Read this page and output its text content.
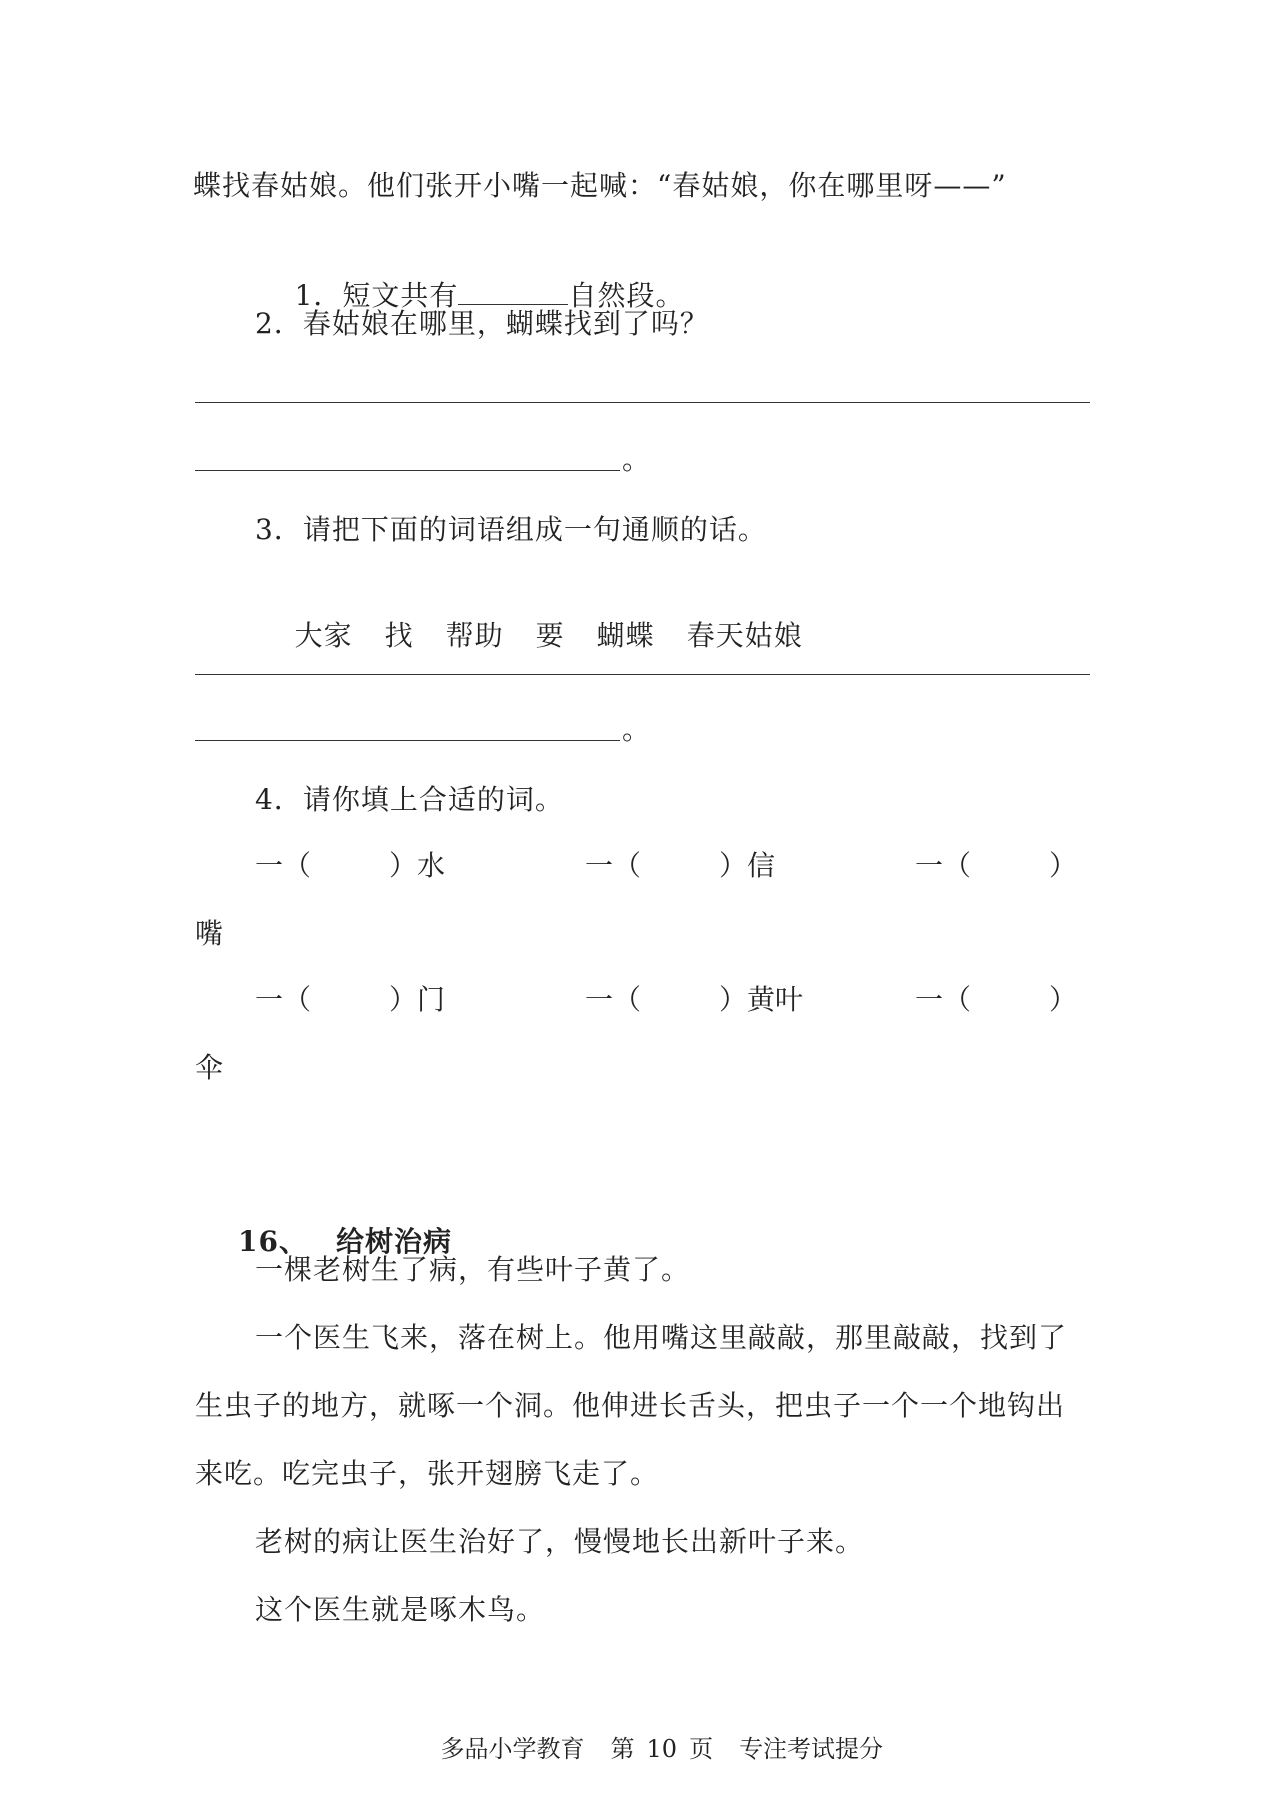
蝶找春姑娘。他们张开小嘴一起喊：“春姑娘，你在哪里呀——”

1．短文共有	自然段。

2．春姑娘在哪里，蝴蝶找到了吗？
。
3．请把下面的词语组成一句通顺的话。

大家 找 帮助 要 蝴蝶 春天姑娘

。
4．请你填上合适的词。
一（	）水	一（	）信	一（	）
嘴
一（	）门	一（	）黄叶	一（	）
伞

16、 给树治病

一棵老树生了病，有些叶子黄了。
一个医生飞来，落在树上。他用嘴这里敲敲，那里敲敲，找到了
生虫子的地方，就啄一个洞。他伸进长舌头，把虫子一个一个地钩出
来吃。吃完虫子，张开翅膀飞走了。
老树的病让医生治好了，慢慢地长出新叶子来。
这个医生就是啄木鸟。

多品小学教育 第 10 页 专注考试提分
